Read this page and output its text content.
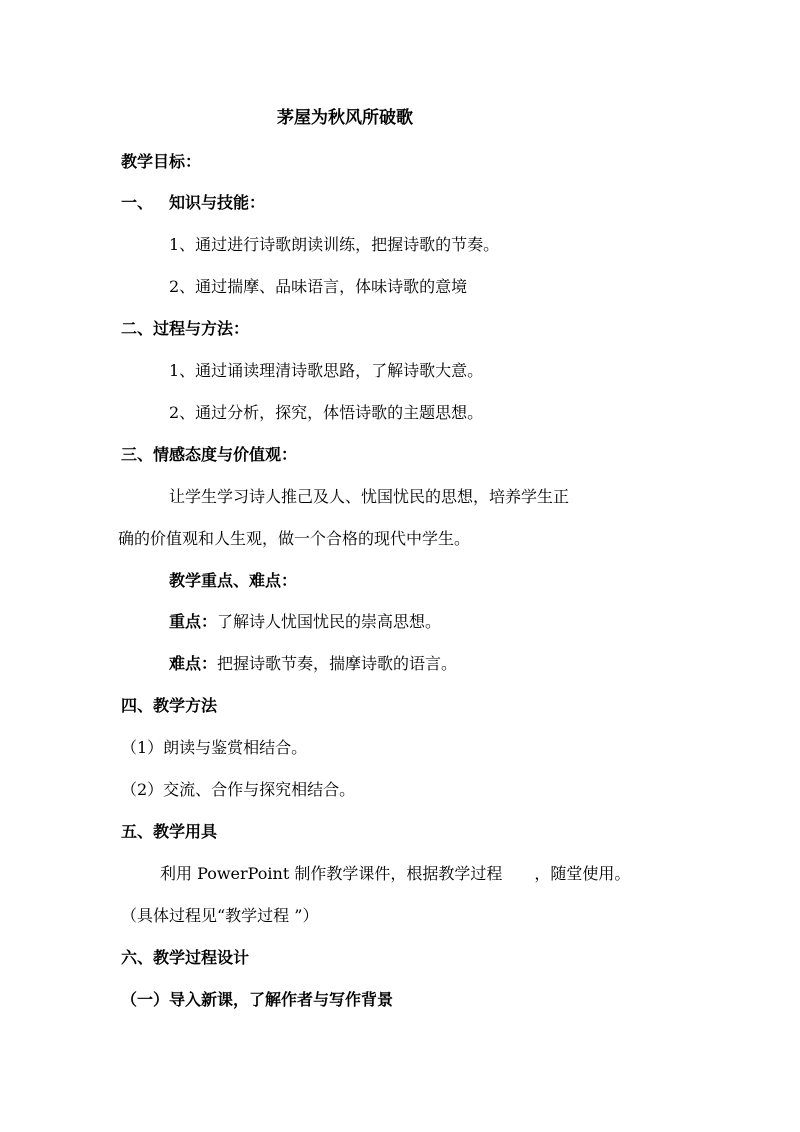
茅屋为秋风所破歌
教学目标：
一、 知识与技能：
1、通过进行诗歌朗读训练，把握诗歌的节奏。
2、通过揣摩、品味语言，体味诗歌的意境
二、过程与方法：
1、通过诵读理清诗歌思路，了解诗歌大意。
2、通过分析，探究，体悟诗歌的主题思想。
三、情感态度与价值观：
让学生学习诗人推己及人、忧国忧民的思想，培养学生正
确的价值观和人生观，做一个合格的现代中学生。
教学重点、难点：
重点：了解诗人忧国忧民的崇高思想。
难点：把握诗歌节奏，揣摩诗歌的语言。
四、教学方法
（1）朗读与鉴赏相结合。
（2）交流、合作与探究相结合。
五、教学用具
利用 PowerPoint 制作教学课件，根据教学过程　　，随堂使用。
（具体过程见“教学过程 ”）
六、教学过程设计
（一）导入新课，了解作者与写作背景
